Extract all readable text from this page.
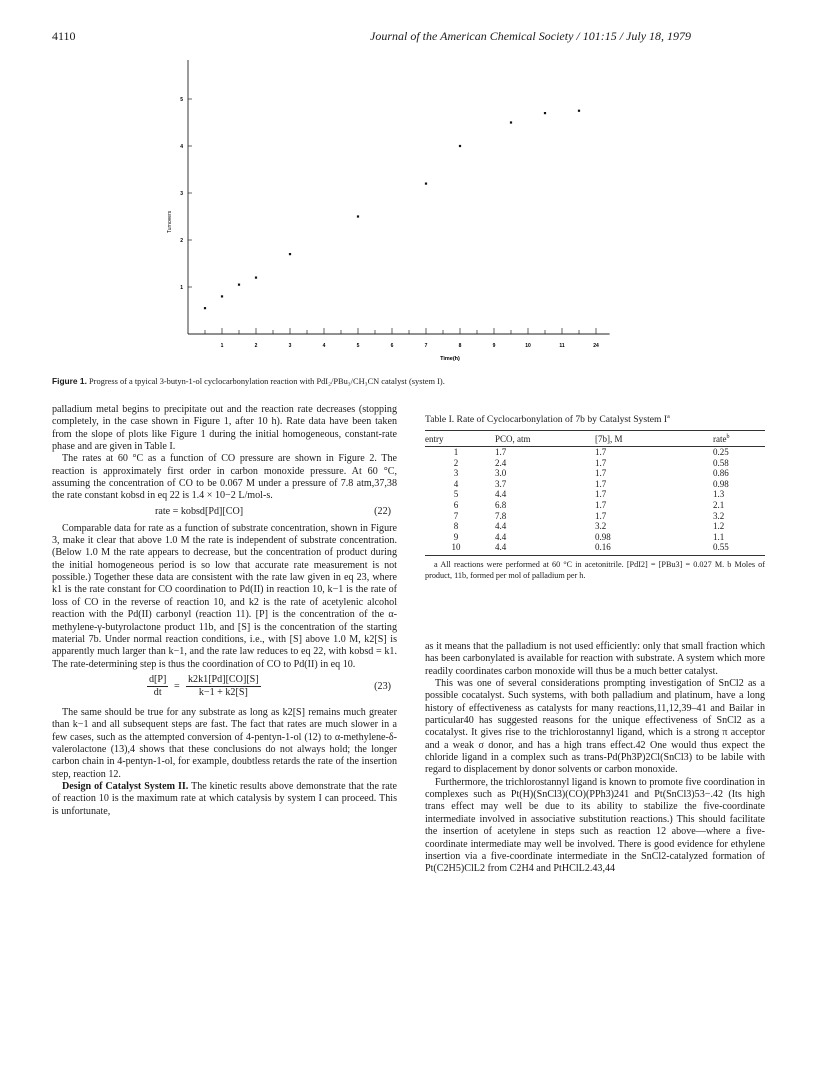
4110	Journal of the American Chemical Society / 101:15 / July 18, 1979
1	2	3	4	5	6	7	8	9	10	11	24
1
2
3
4
5
Turnovers
Time(h)
Figure 1. Progress of a tpyical 3-butyn-1-ol cyclocarbonylation reaction with PdI₂/PBu₃/CH₃CN catalyst (system I).

palladium metal begins to precipitate out and the reaction rate decreases (stopping completely, in the case shown in Figure 1, after 10 h). Rate data have been taken from the slope of plots like Figure 1 during the initial homogeneous, constant-rate phase and are given in Table I.

The rates at 60 °C as a function of CO pressure are shown in Figure 2. The reaction is approximately first order in carbon monoxide pressure. At 60 °C, assuming the concentration of CO to be 0.067 M under a pressure of 7.8 atm,37,38 the rate constant kobsd in eq 22 is 1.4 × 10−2 L/mol-s.

rate = kobsd[Pd][CO]	(22)

Comparable data for rate as a function of substrate concentration, shown in Figure 3, make it clear that above 1.0 M the rate is independent of substrate concentration. (Below 1.0 M the rate appears to decrease, but the concentration of product during the initial homogeneous period is so low that accurate rate measurement is not possible.) Together these data are consistent with the rate law given in eq 23, where k1 is the rate constant for CO coordination to Pd(II) in reaction 10, k−1 is the rate of loss of CO in the reverse of reaction 10, and k2 is the rate of acetylenic alcohol reaction with the Pd(II) carbonyl (reaction 11). [P] is the concentration of the α-methylene-γ-butyrolactone product 11b, and [S] is the concentration of the starting material 7b. Under normal reaction conditions, i.e., with [S] above 1.0 M, k2[S] is apparently much larger than k−1, and the rate law reduces to eq 22, with kobsd = k1. The rate-determining step is thus the coordination of CO to Pd(II) in eq 10.

$\frac{d[P]}{dt} = \frac{k2k1[Pd][CO][S]}{k-1 + k2[S]}$	(23)

The same should be true for any substrate as long as k2[S] remains much greater than k−1 and all subsequent steps are fast. The fact that rates are much slower in a few cases, such as the attempted conversion of 4-pentyn-1-ol (12) to α-methylene-δ-valerolactone (13),4 shows that these conclusions do not always hold; the longer carbon chain in 4-pentyn-1-ol, for example, doubtless retards the rate of the insertion step, reaction 12.

Design of Catalyst System II. The kinetic results above demonstrate that the rate of reaction 10 is the maximum rate at which catalysis by system I can proceed. This is unfortunate,

Table I. Rate of Cyclocarbonylation of 7b by Catalyst System $I^a$
entry	PCO, atm	[7b], M	rate$^b$
1	1.7	1.7	0.25
2	2.4	1.7	0.58
3	3.0	1.7	0.86
4	3.7	1.7	0.98
5	4.4	1.7	1.3
6	6.8	1.7	2.1
7	7.8	1.7	3.2
8	4.4	3.2	1.2
9	4.4	0.98	1.1
10	4.4	0.16	0.55

a All reactions were performed at 60 °C in acetonitrile. [PdI2] = [PBu3] = 0.027 M. b Moles of product, 11b, formed per mol of palladium per h.

as it means that the palladium is not used efficiently: only that small fraction which has been carbonylated is available for reaction with substrate. A system which more readily coordinates carbon monoxide will thus be a much better catalyst.

This was one of several considerations prompting investigation of SnCl2 as a possible cocatalyst. Such systems, with both palladium and platinum, have a long history of effectiveness as catalysts for many reactions,11,12,39–41 and Bailar in particular40 has suggested reasons for the unique effectiveness of SnCl2 as a cocatalyst. It gives rise to the trichlorostannyl ligand, which is a strong π acceptor and a weak σ donor, and has a high trans effect.42 One would thus expect the chloride ligand in a complex such as trans-Pd(Ph3P)2Cl(SnCl3) to be labile with regard to displacement by donor solvents or carbon monoxide.

Furthermore, the trichlorostannyl ligand is known to promote five coordination in complexes such as Pt(H)(SnCl3)(CO)(PPh3)241 and Pt(SnCl3)53−.42 (Its high trans effect may well be due to its ability to stabilize the five-coordinate intermediate involved in associative substitution reactions.) This should facilitate the insertion of acetylene in steps such as reaction 12 above—where a five-coordinate intermediate may well be involved. There is good evidence for ethylene insertion via a five-coordinate intermediate in the SnCl2-catalyzed formation of Pt(C2H5)ClL2 from C2H4 and PtHClL2.43,44
